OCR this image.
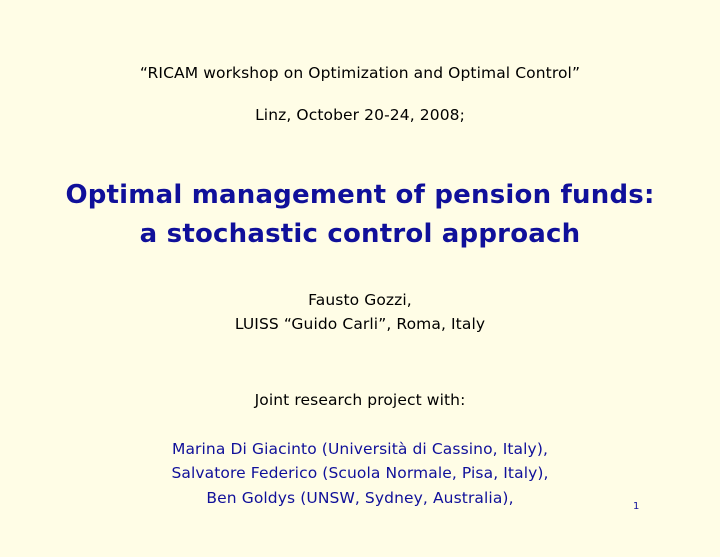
“RICAM workshop on Optimization and Optimal Control”
Linz, October 20-24, 2008;
Optimal management of pension funds:
a stochastic control approach
Fausto Gozzi,
LUISS “Guido Carli”, Roma, Italy
Joint research project with:
Marina Di Giacinto (Università di Cassino, Italy),
Salvatore Federico (Scuola Normale, Pisa, Italy),
Ben Goldys (UNSW, Sydney, Australia),	1
